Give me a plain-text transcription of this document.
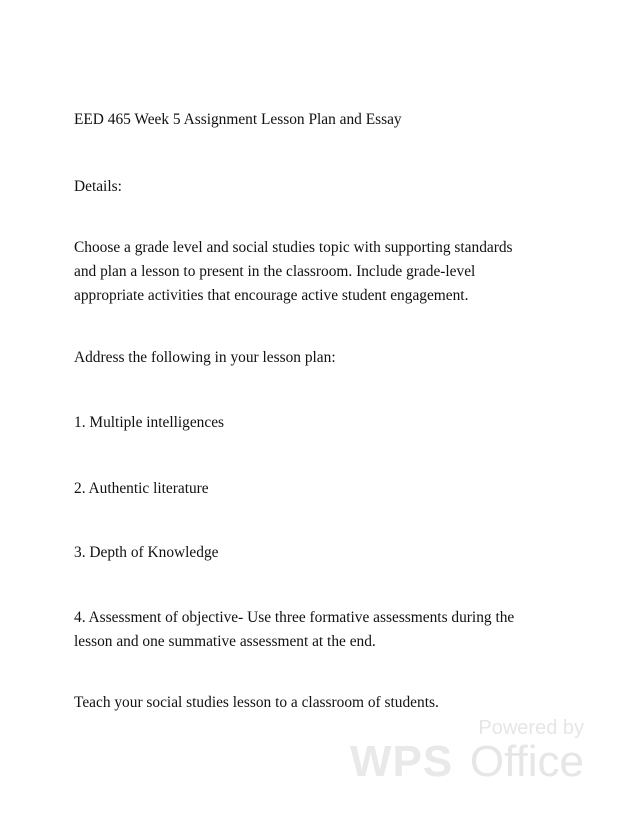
EED 465 Week 5 Assignment Lesson Plan and Essay

Details:

Choose a grade level and social studies topic with supporting standards
and plan a lesson to present in the classroom. Include grade-level
appropriate activities that encourage active student engagement.

Address the following in your lesson plan:

1. Multiple intelligences

2. Authentic literature

3. Depth of Knowledge

4. Assessment of objective- Use three formative assessments during the
lesson and one summative assessment at the end.

Teach your social studies lesson to a classroom of students.

Powered by
WPS Office
